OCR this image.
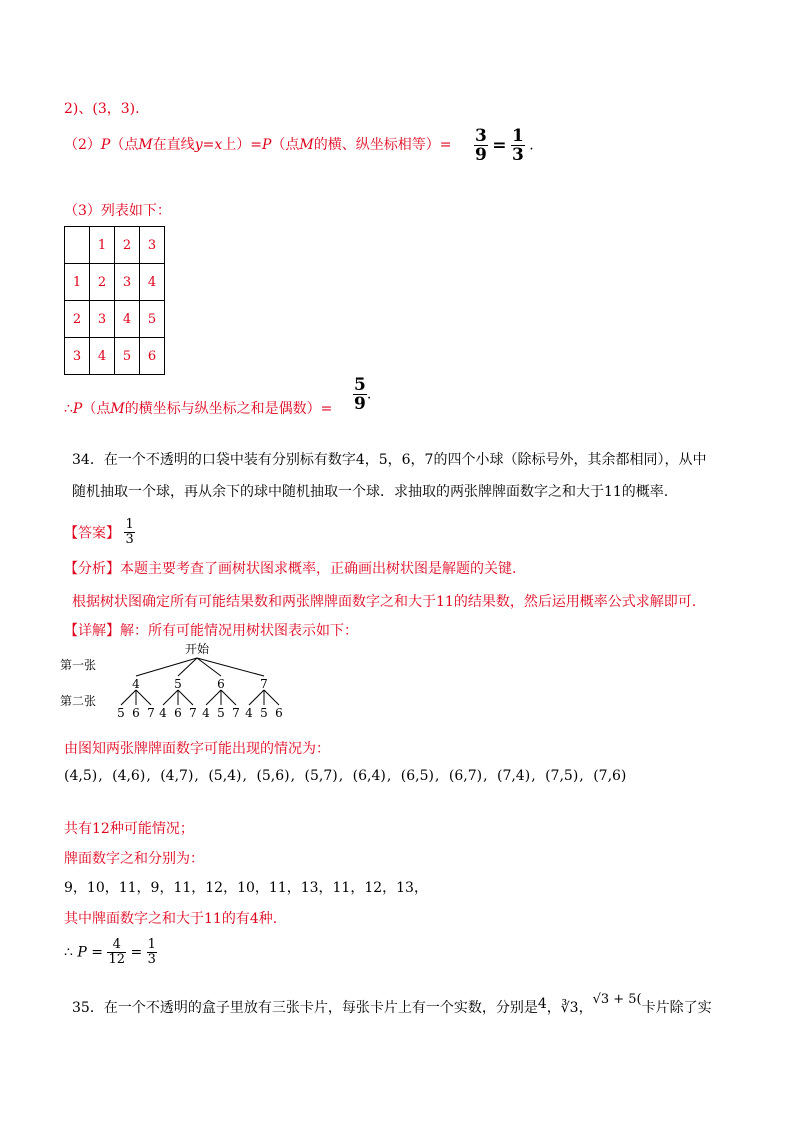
2)、(3，3).
（2）P（点M在直线y=x上）=P（点M的横、纵坐标相等）= $\frac{3}{9} = \frac{1}{3}$ .
（3）列表如下：
	1	2	3
1	2	3	4
2	3	4	5
3	4	5	6
∴P（点M的横坐标与纵坐标之和是偶数）= $\frac{5}{9}$ .
34．在一个不透明的口袋中装有分别标有数字4，5，6，7的四个小球（除标号外，其余都相同），从中
随机抽取一个球，再从余下的球中随机抽取一个球．求抽取的两张牌牌面数字之和大于11的概率.
【答案】 $\frac{1}{3}$
【分析】本题主要考查了画树状图求概率，正确画出树状图是解题的关键.
根据树状图确定所有可能结果数和两张牌牌面数字之和大于11的结果数，然后运用概率公式求解即可.
【详解】解：所有可能情况用树状图表示如下：
开始
第一张
第二张
4	5	6	7
5 6 7 4 6 7 4 5 7 4 5 6
由图知两张牌牌面数字可能出现的情况为：
(4,5), (4,6), (4,7), (5,4), (5,6), (5,7), (6,4), (6,5), (6,7), (7,4), (7,5), (7,6)
共有12种可能情况；
牌面数字之和分别为：
9，10，11，9，11，12，10，11，13，11，12，13，
其中牌面数字之和大于11的有4种.
∴ $P = \frac{4}{12} = \frac{1}{3}$
35．在一个不透明的盒子里放有三张卡片，每张卡片上有一个实数，分别是4，∛3，√3 + 5(卡片除了实
